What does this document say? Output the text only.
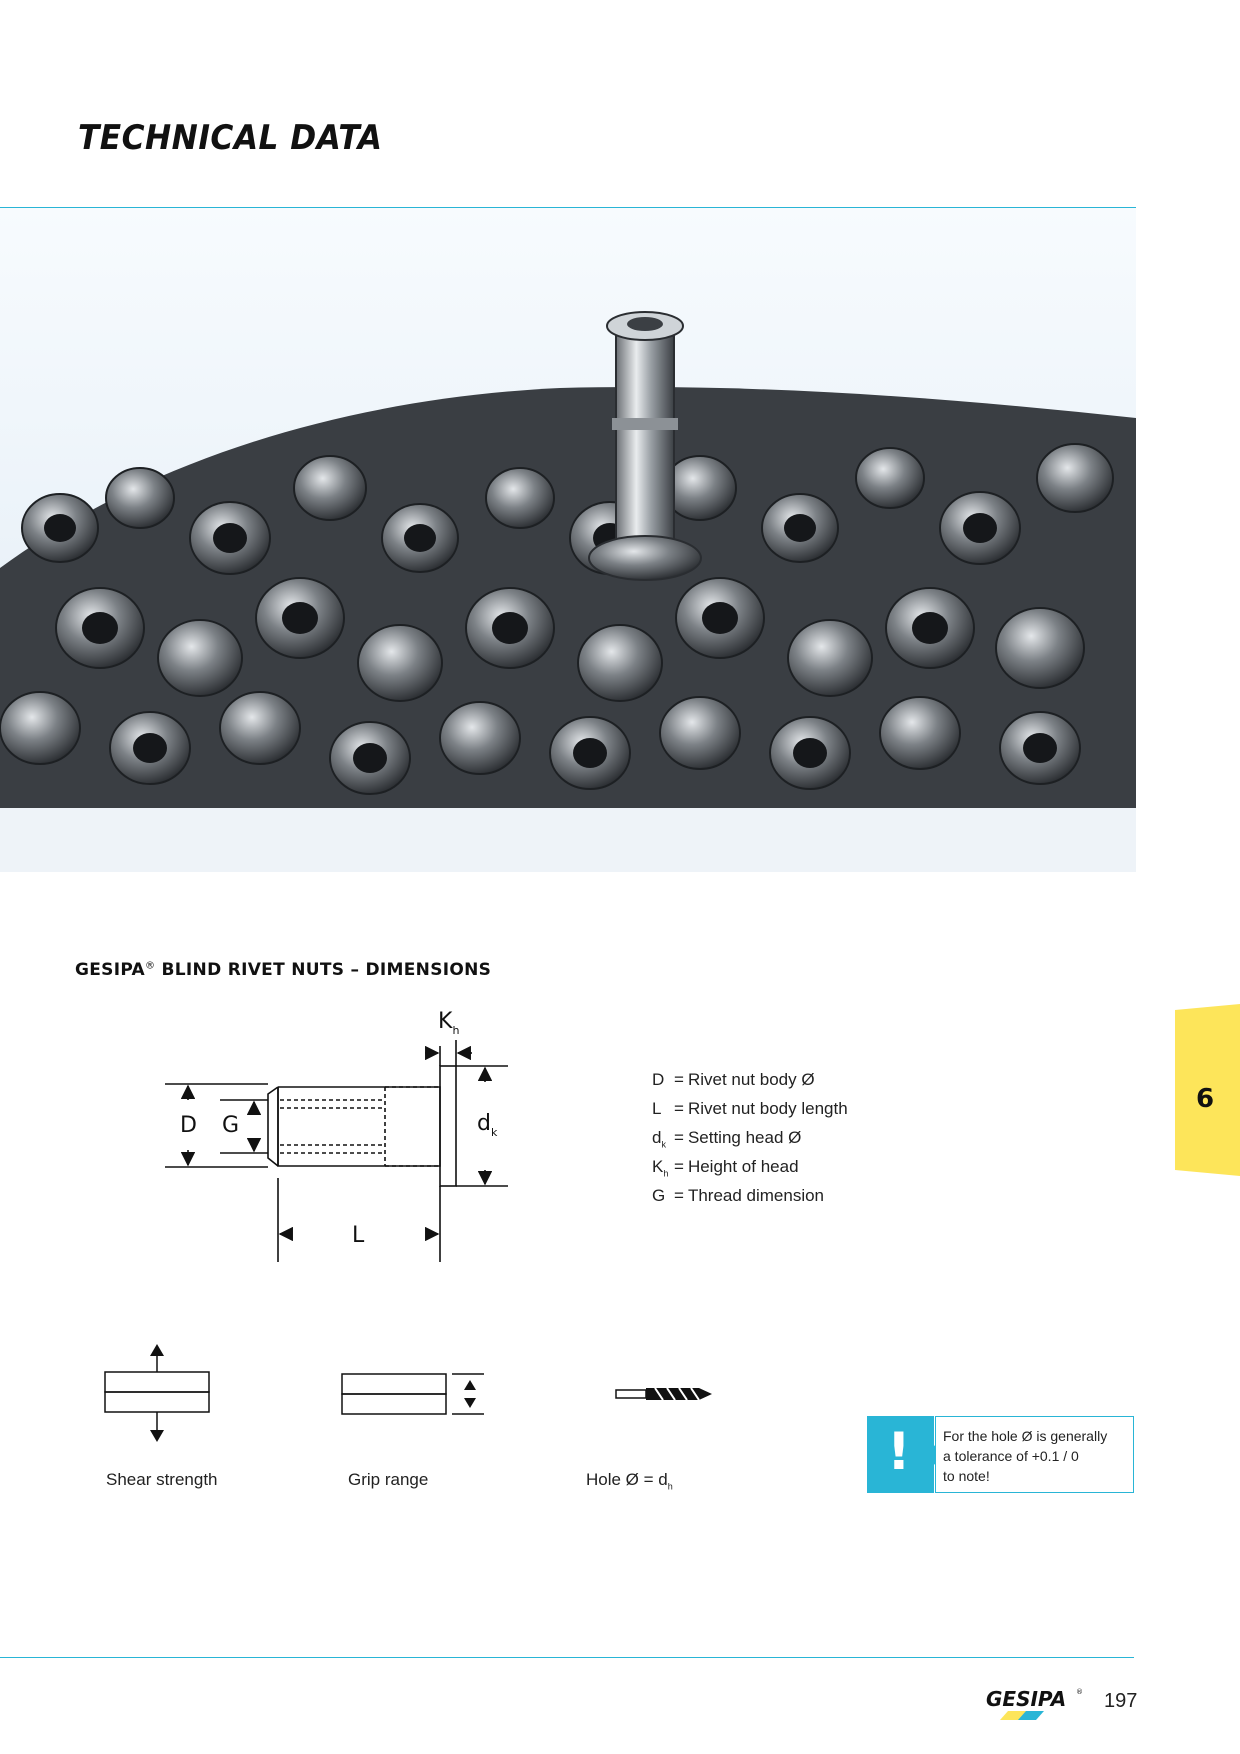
TECHNICAL DATA
GESIPA® BLIND RIVET NUTS – DIMENSIONS
D G	$d_k$
$K_h$
L
D = Rivet nut body Ø
L = Rivet nut body length
$d_k$ = Setting head Ø
$K_h$ = Height of head
G = Thread dimension
6
Shear strength	Grip range	Hole Ø = $d_h$
! For the hole Ø is generally
a tolerance of +0.1 / 0
to note!
GESIPA ® 197
